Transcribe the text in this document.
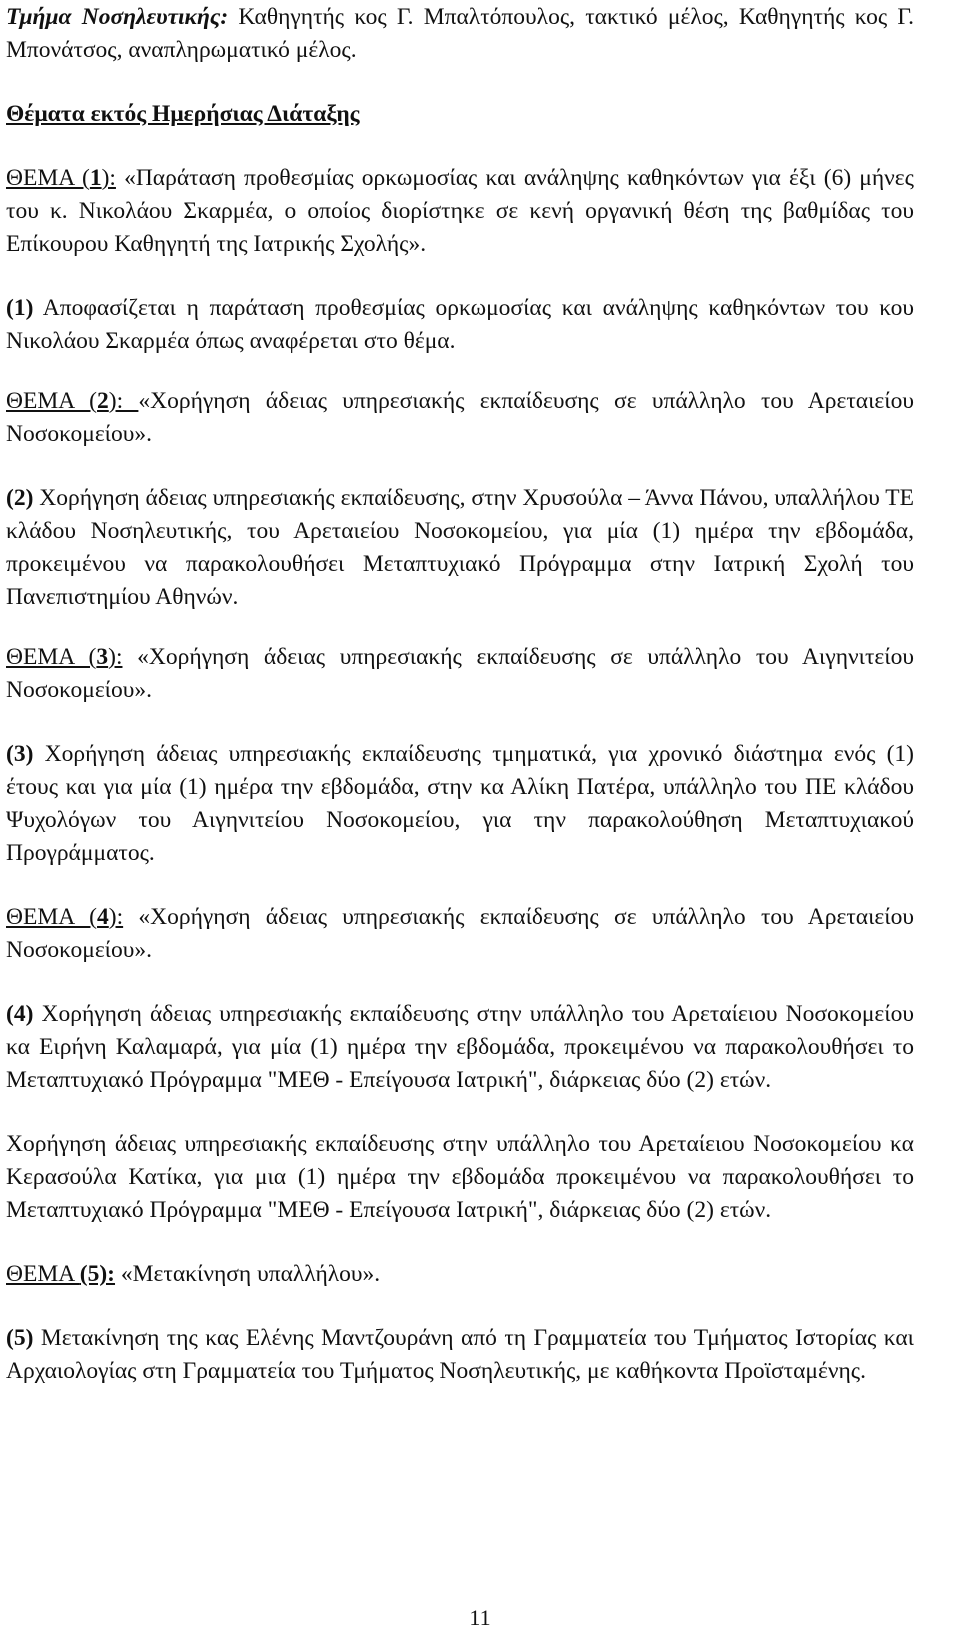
Τμήμα Νοσηλευτικής: Καθηγητής κος Γ. Μπαλτόπουλος, τακτικό μέλος, Καθηγητής κος Γ. Μπονάτσος, αναπληρωματικό μέλος.

Θέματα εκτός Ημερήσιας Διάταξης

ΘΕΜΑ (1): «Παράταση προθεσμίας ορκωμοσίας και ανάληψης καθηκόντων για έξι (6) μήνες του κ. Νικολάου Σκαρμέα, ο οποίος διορίστηκε σε κενή οργανική θέση της βαθμίδας του Επίκουρου Καθηγητή της Ιατρικής Σχολής».

(1) Αποφασίζεται η παράταση προθεσμίας ορκωμοσίας και ανάληψης καθηκόντων του κου Νικολάου Σκαρμέα όπως αναφέρεται στο θέμα.

ΘΕΜΑ (2): «Χορήγηση άδειας υπηρεσιακής εκπαίδευσης σε υπάλληλο του Αρεταιείου Νοσοκομείου».

(2) Χορήγηση άδειας υπηρεσιακής εκπαίδευσης, στην Χρυσούλα – Άννα Πάνου, υπαλλήλου ΤΕ κλάδου Νοσηλευτικής, του Αρεταιείου Νοσοκομείου, για μία (1) ημέρα την εβδομάδα, προκειμένου να παρακολουθήσει Μεταπτυχιακό Πρόγραμμα στην Ιατρική Σχολή του Πανεπιστημίου Αθηνών.

ΘΕΜΑ (3): «Χορήγηση άδειας υπηρεσιακής εκπαίδευσης σε υπάλληλο του Αιγηνιτείου Νοσοκομείου».

(3) Χορήγηση άδειας υπηρεσιακής εκπαίδευσης τμηματικά, για χρονικό διάστημα ενός (1) έτους και για μία (1) ημέρα την εβδομάδα, στην κα Αλίκη Πατέρα, υπάλληλο του ΠΕ κλάδου Ψυχολόγων του Αιγηνιτείου Νοσοκομείου, για την παρακολούθηση Μεταπτυχιακού Προγράμματος.

ΘΕΜΑ (4): «Χορήγηση άδειας υπηρεσιακής εκπαίδευσης σε υπάλληλο του Αρεταιείου Νοσοκομείου».

(4) Χορήγηση άδειας υπηρεσιακής εκπαίδευσης στην υπάλληλο του Αρεταίειου Νοσοκομείου κα Ειρήνη Καλαμαρά, για μία (1) ημέρα την εβδομάδα, προκειμένου να παρακολουθήσει το Μεταπτυχιακό Πρόγραμμα "ΜΕΘ - Επείγουσα Ιατρική", διάρκειας δύο (2) ετών.

Χορήγηση άδειας υπηρεσιακής εκπαίδευσης στην υπάλληλο του Αρεταίειου Νοσοκομείου κα Κερασούλα Κατίκα, για μια (1) ημέρα την εβδομάδα προκειμένου να παρακολουθήσει το Μεταπτυχιακό Πρόγραμμα "ΜΕΘ - Επείγουσα Ιατρική", διάρκειας δύο (2) ετών.

ΘΕΜΑ (5): «Μετακίνηση υπαλλήλου».

(5) Μετακίνηση της κας Ελένης Μαντζουράνη από τη Γραμματεία του Τμήματος Ιστορίας και Αρχαιολογίας στη Γραμματεία του Τμήματος Νοσηλευτικής, με καθήκοντα Προϊσταμένης.

11
